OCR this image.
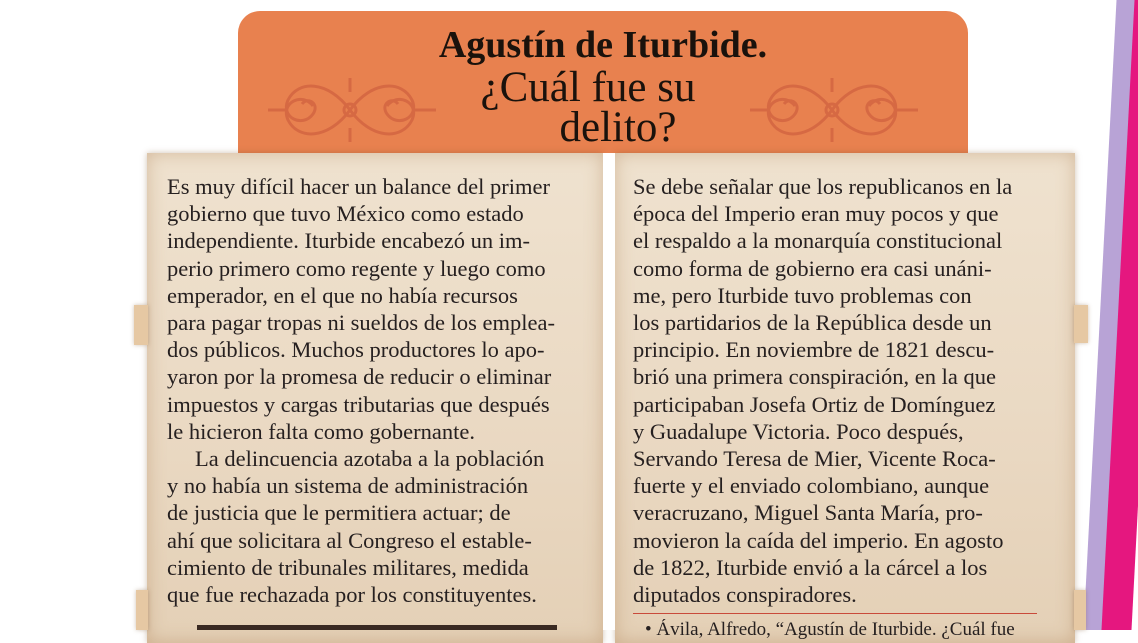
Agustín de Iturbide.
¿Cuál fue su
delito?

Es muy difícil hacer un balance del primer

gobierno que tuvo México como estado

independiente. Iturbide encabezó un im-

perio primero como regente y luego como

emperador, en el que no había recursos

para pagar tropas ni sueldos de los emplea-

dos públicos. Muchos productores lo apo-

yaron por la promesa de reducir o eliminar

impuestos y cargas tributarias que después

le hicieron falta como gobernante.

La delincuencia azotaba a la población

y no había un sistema de administración

de justicia que le permitiera actuar; de

ahí que solicitara al Congreso el estable-

cimiento de tribunales militares, medida

que fue rechazada por los constituyentes.

Se debe señalar que los republicanos en la

época del Imperio eran muy pocos y que

el respaldo a la monarquía constitucional

como forma de gobierno era casi unáni-

me, pero Iturbide tuvo problemas con

los partidarios de la República desde un

principio. En noviembre de 1821 descu-

brió una primera conspiración, en la que

participaban Josefa Ortiz de Domínguez

y Guadalupe Victoria. Poco después,

Servando Teresa de Mier, Vicente Roca-

fuerte y el enviado colombiano, aunque

veracruzano, Miguel Santa María, pro-

movieron la caída del imperio. En agosto

de 1822, Iturbide envió a la cárcel a los

diputados conspiradores.

• Ávila, Alfredo, “Agustín de Iturbide. ¿Cuál fue
